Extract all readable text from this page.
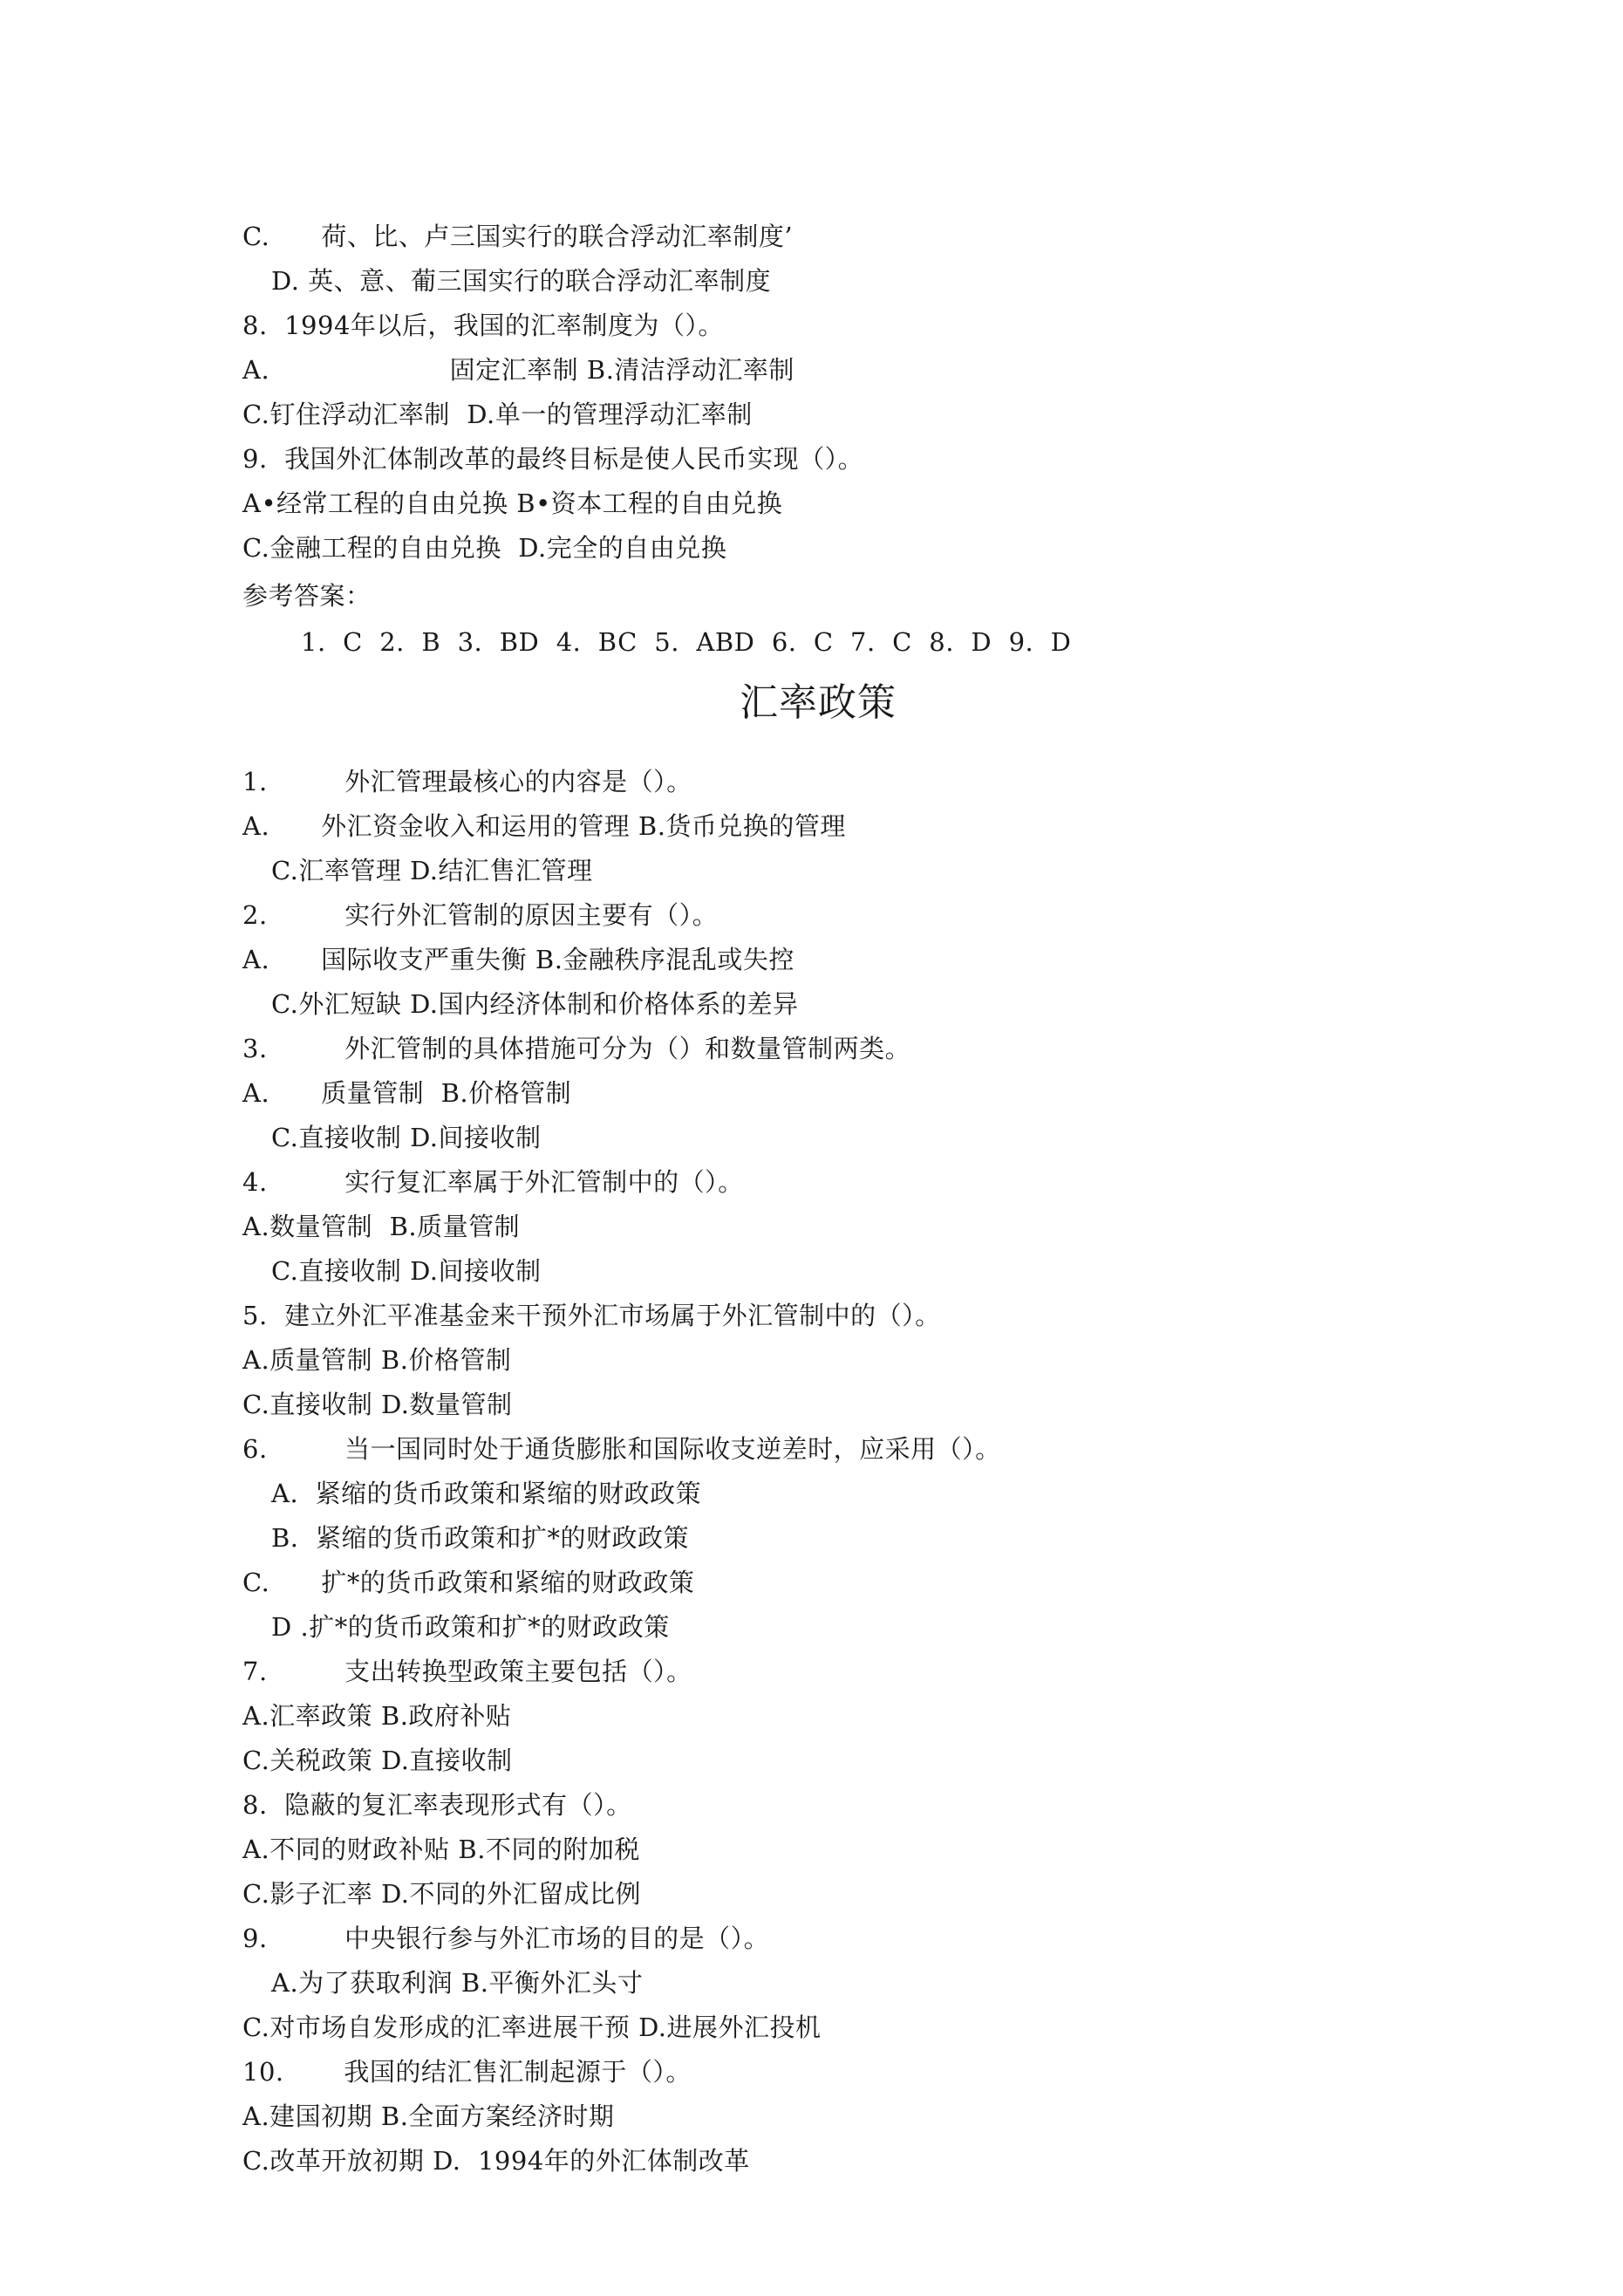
C.　　荷、比、卢三国实行的联合浮动汇率制度’
D. 英、意、葡三国实行的联合浮动汇率制度
8.  1994年以后，我国的汇率制度为（）。
A.　　　　　　　固定汇率制 B.清洁浮动汇率制
C.钉住浮动汇率制  D.单一的管理浮动汇率制
9.  我国外汇体制改革的最终目标是使人民币实现（）。
A•经常工程的自由兑换 B•资本工程的自由兑换
C.金融工程的自由兑换  D.完全的自由兑换
参考答案：
1.  C  2.  B  3.  BD  4.  BC  5.  ABD  6.  C  7.  C  8.  D  9.  D
汇率政策
1.　　　外汇管理最核心的内容是（）。
A.　　外汇资金收入和运用的管理 B.货币兑换的管理
C.汇率管理 D.结汇售汇管理
2.　　　实行外汇管制的原因主要有（）。
A.　　国际收支严重失衡 B.金融秩序混乱或失控
C.外汇短缺 D.国内经济体制和价格体系的差异
3.　　　外汇管制的具体措施可分为（）和数量管制两类。
A.　　质量管制  B.价格管制
C.直接收制 D.间接收制
4.　　　实行复汇率属于外汇管制中的（）。
A.数量管制  B.质量管制
C.直接收制 D.间接收制
5.  建立外汇平准基金来干预外汇市场属于外汇管制中的（）。
A.质量管制 B.价格管制
C.直接收制 D.数量管制
6.　　　当一国同时处于通货膨胀和国际收支逆差时，应采用（）。
A.  紧缩的货币政策和紧缩的财政政策
B.  紧缩的货币政策和扩*的财政政策
C.　　扩*的货币政策和紧缩的财政政策
D .扩*的货币政策和扩*的财政政策
7.　　　支出转换型政策主要包括（）。
A.汇率政策 B.政府补贴
C.关税政策 D.直接收制
8.  隐蔽的复汇率表现形式有（）。
A.不同的财政补贴 B.不同的附加税
C.影子汇率 D.不同的外汇留成比例
9.　　　中央银行参与外汇市场的目的是（）。
A.为了获取利润 B.平衡外汇头寸
C.对市场自发形成的汇率进展干预 D.进展外汇投机
10.　　 我国的结汇售汇制起源于（）。
A.建国初期 B.全面方案经济时期
C.改革开放初期 D.  1994年的外汇体制改革
